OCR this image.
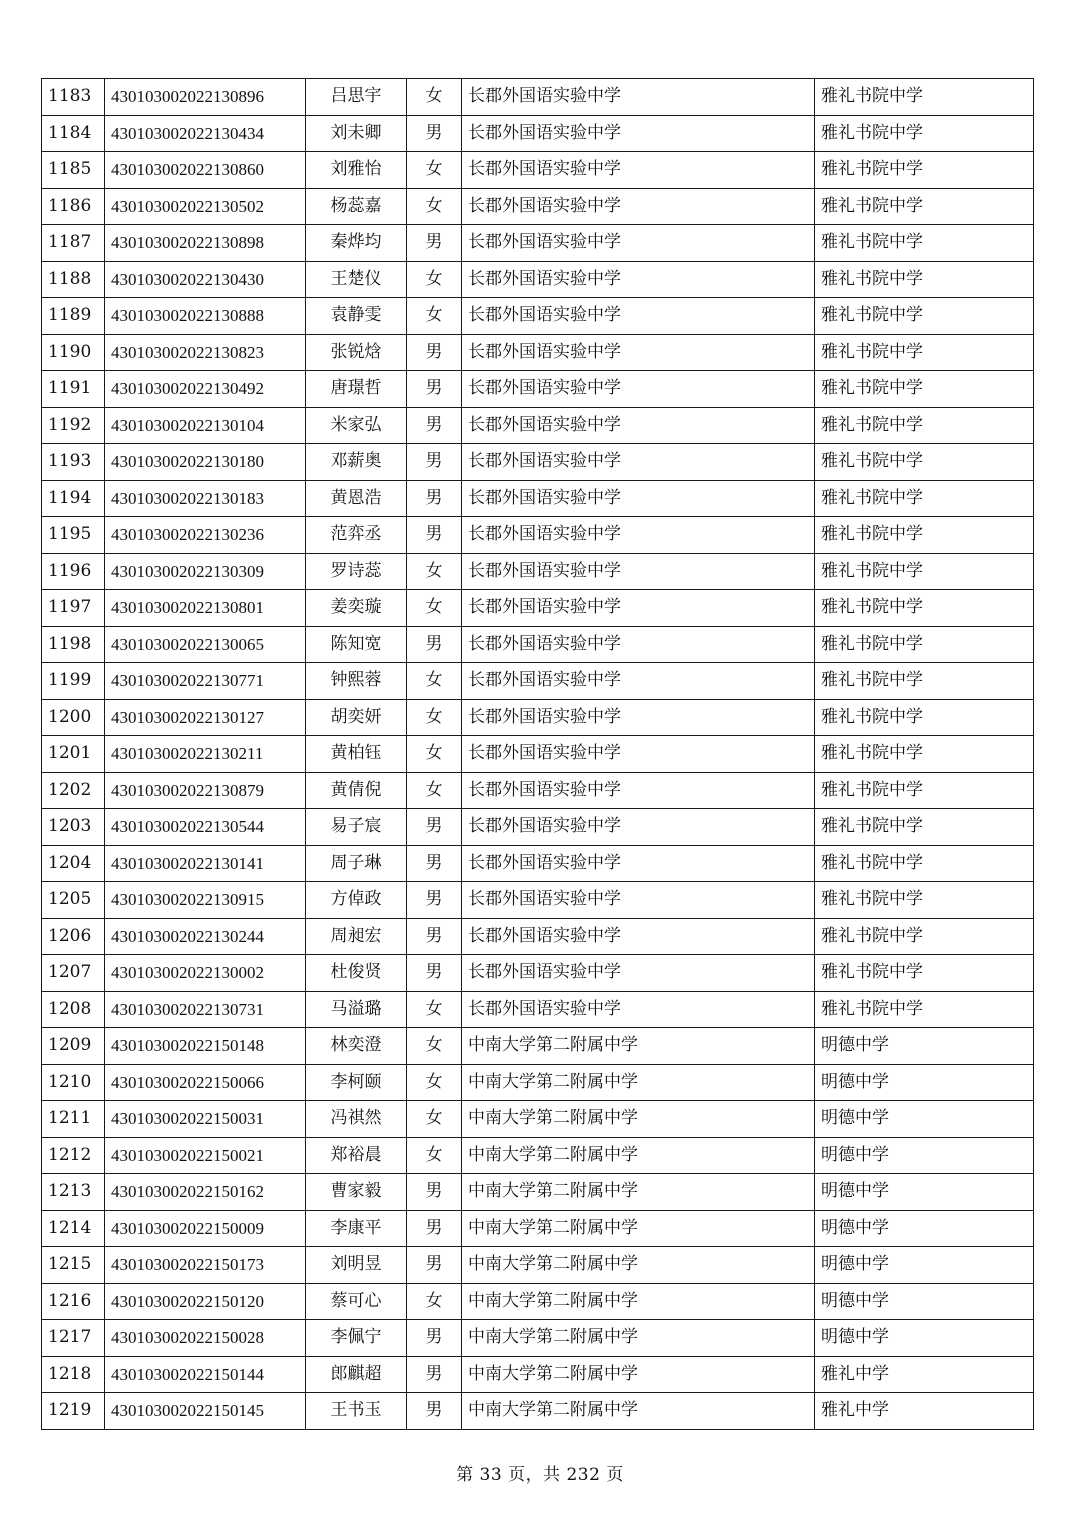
1183	430103002022130896	吕思宇	女	长郡外国语实验中学	雅礼书院中学
1184	430103002022130434	刘未卿	男	长郡外国语实验中学	雅礼书院中学
1185	430103002022130860	刘雅怡	女	长郡外国语实验中学	雅礼书院中学
1186	430103002022130502	杨蕊嘉	女	长郡外国语实验中学	雅礼书院中学
1187	430103002022130898	秦烨均	男	长郡外国语实验中学	雅礼书院中学
1188	430103002022130430	王楚仪	女	长郡外国语实验中学	雅礼书院中学
1189	430103002022130888	袁静雯	女	长郡外国语实验中学	雅礼书院中学
1190	430103002022130823	张锐焓	男	长郡外国语实验中学	雅礼书院中学
1191	430103002022130492	唐璟哲	男	长郡外国语实验中学	雅礼书院中学
1192	430103002022130104	米家弘	男	长郡外国语实验中学	雅礼书院中学
1193	430103002022130180	邓薪奥	男	长郡外国语实验中学	雅礼书院中学
1194	430103002022130183	黄恩浩	男	长郡外国语实验中学	雅礼书院中学
1195	430103002022130236	范弈丞	男	长郡外国语实验中学	雅礼书院中学
1196	430103002022130309	罗诗蕊	女	长郡外国语实验中学	雅礼书院中学
1197	430103002022130801	姜奕璇	女	长郡外国语实验中学	雅礼书院中学
1198	430103002022130065	陈知宽	男	长郡外国语实验中学	雅礼书院中学
1199	430103002022130771	钟熙蓉	女	长郡外国语实验中学	雅礼书院中学
1200	430103002022130127	胡奕妍	女	长郡外国语实验中学	雅礼书院中学
1201	430103002022130211	黄柏钰	女	长郡外国语实验中学	雅礼书院中学
1202	430103002022130879	黄倩倪	女	长郡外国语实验中学	雅礼书院中学
1203	430103002022130544	易子宸	男	长郡外国语实验中学	雅礼书院中学
1204	430103002022130141	周子琳	男	长郡外国语实验中学	雅礼书院中学
1205	430103002022130915	方倬政	男	长郡外国语实验中学	雅礼书院中学
1206	430103002022130244	周昶宏	男	长郡外国语实验中学	雅礼书院中学
1207	430103002022130002	杜俊贤	男	长郡外国语实验中学	雅礼书院中学
1208	430103002022130731	马溢璐	女	长郡外国语实验中学	雅礼书院中学
1209	430103002022150148	林奕澄	女	中南大学第二附属中学	明德中学
1210	430103002022150066	李柯颐	女	中南大学第二附属中学	明德中学
1211	430103002022150031	冯祺然	女	中南大学第二附属中学	明德中学
1212	430103002022150021	郑裕晨	女	中南大学第二附属中学	明德中学
1213	430103002022150162	曹家毅	男	中南大学第二附属中学	明德中学
1214	430103002022150009	李康平	男	中南大学第二附属中学	明德中学
1215	430103002022150173	刘明昱	男	中南大学第二附属中学	明德中学
1216	430103002022150120	蔡可心	女	中南大学第二附属中学	明德中学
1217	430103002022150028	李佩宁	男	中南大学第二附属中学	明德中学
1218	430103002022150144	郎麒超	男	中南大学第二附属中学	雅礼中学
1219	430103002022150145	王书玉	男	中南大学第二附属中学	雅礼中学
第 33 页，共 232 页
